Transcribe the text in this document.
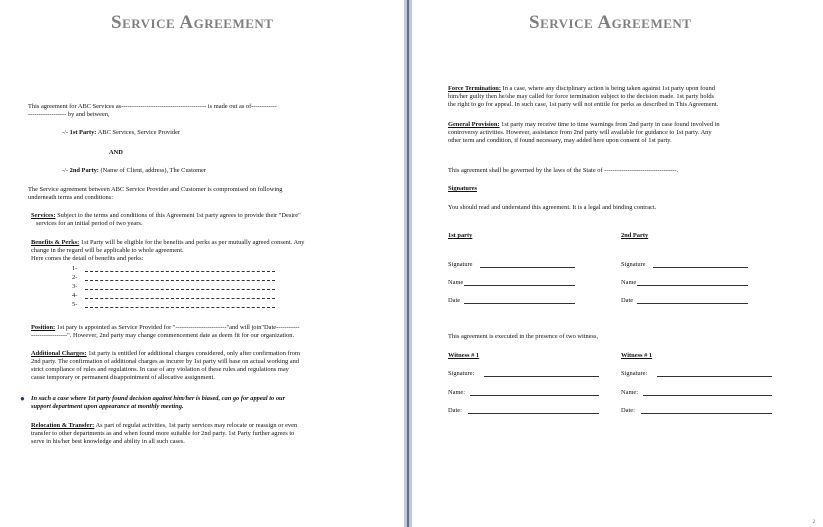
Service Agreement
This agreement for ABC Services as---------------------------------------- is made out as of------------
------------------ by and between,
-/- 1st Party: ABC Services, Service Provider
AND
-/- 2nd Party: (Name of Client, address), The Customer
The Service agreement between ABC Service Provider and Customer is compromised on following
underneath terms and conditions:
Services: Subject to the terms and conditions of this Agreement 1st party agrees to provide their "Desire"
services for an initial period of two years.
Benefits & Perks: 1st Party will be eligible for the benefits and perks as per mutually agreed consent. Any
change in the regard will be applicable to whole agreement.
Here comes the detail of benefits and perks:
1-
2-
3-
4-
5-
Position: 1st pary is appointed as Service Provided for "------------------------"and will join"Date-----------
-----------------". However, 2nd party may change commencement date as deem fit for our organization.
Additional Charges: 1st party is entitled for additional charges considered, only after confirmation from
2nd party. The confirmation of additional charges as incurer by 1st party will base on actual working and
strict compliance of rules and regulations. In case of any violation of these rules and regulations may
cause temporary or permanent disappointment of allocative assignment.
● In such a case where 1st party found decision against him/her is biased, can go for appeal to our
support department upon appearance at monthly meeting.
Relocation & Transfer: As part of regulat activities, 1st party services may relocate or reassign or even
transfer to other departments as and when found more suitable for 2nd party. 1st Party further agrees to
serve in his/her best knowledge and ability in all such cases.
Service Agreement
Force Termination: In a case, where any disciplinary action is being taken against 1st party upon found
him/her guilty then he/she may called for force termination subject to the decision made. 1st party holds
the right to go for appeal. In such case, 1st party will not entitle for perks as described in This Agreement.
General Provision: 1st party may receive time to time warnings from 2nd party in case found involved in
controversy activities. However, assistance from 2nd party will available for guidance to 1st party. Any
other term and condition, if found necessary, may added here upon consent of 1st party.
This agreement shall be governed by the laws of the State of ----------------------------------.
Signatures
You should read and understand this agreement. It is a legal and binding contract.
1st party	2nd Party
Signature	Signature
Name	Name
Date	Date
This agreement is executed in the presence of two witness,
Witness # 1	Witness # 1
Signature:	Signature:
Name:	Name:
Date:	Date:
2
